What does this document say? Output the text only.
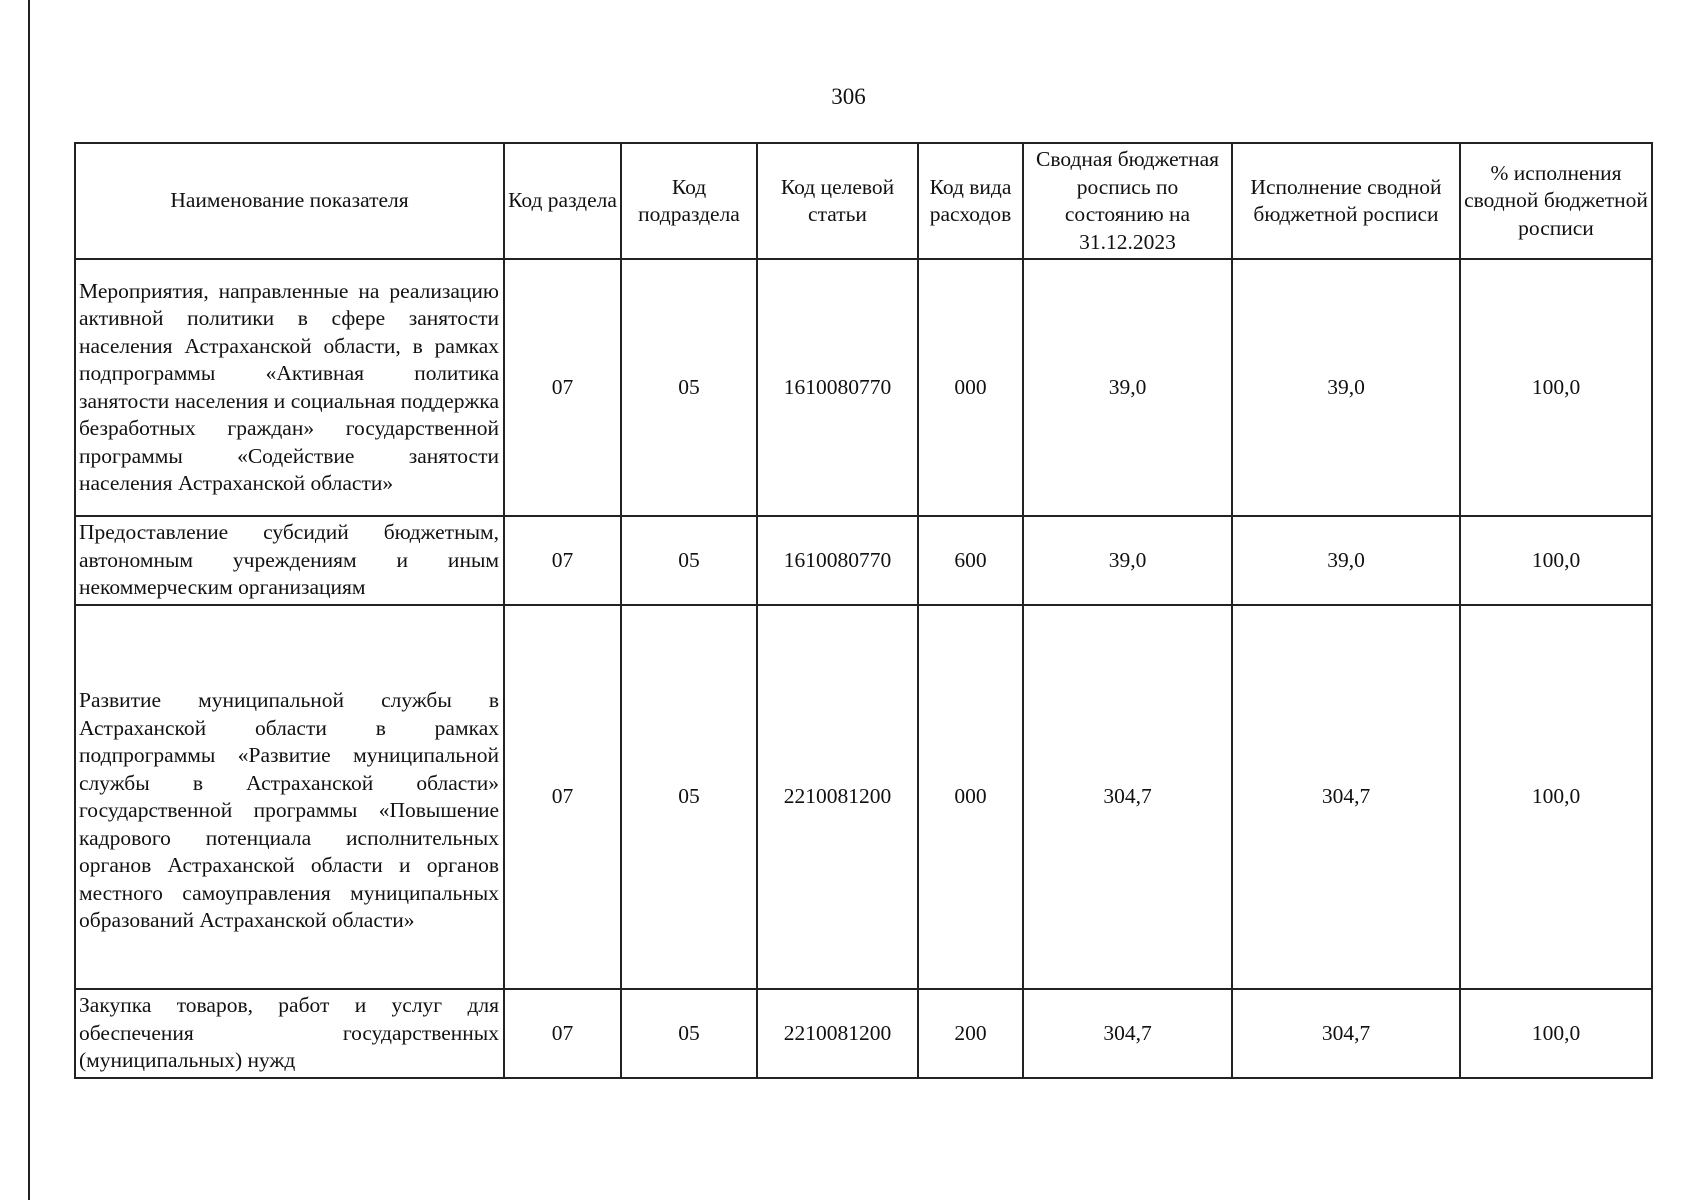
306
Наименование показателя	Код раздела	Код подраздела	Код целевой статьи	Код вида расходов	Сводная бюджетная роспись по состоянию на 31.12.2023	Исполнение сводной бюджетной росписи	% исполнения сводной бюджетной росписи
Мероприятия, направленные на реализацию активной политики в сфере занятости населения Астраханской области, в рамках подпрограммы «Активная политика занятости населения и социальная поддержка безработных граждан» государственной программы «Содействие занятости населения Астраханской области»	07	05	1610080770	000	39,0	39,0	100,0
Предоставление субсидий бюджетным, автономным учреждениям и иным некоммерческим организациям	07	05	1610080770	600	39,0	39,0	100,0
Развитие муниципальной службы в Астраханской области в рамках подпрограммы «Развитие муниципальной службы в Астраханской области» государственной программы «Повышение кадрового потенциала исполнительных органов Астраханской области и органов местного самоуправления муниципальных образований Астраханской области»	07	05	2210081200	000	304,7	304,7	100,0
Закупка товаров, работ и услуг для обеспечения государственных (муниципальных) нужд	07	05	2210081200	200	304,7	304,7	100,0
